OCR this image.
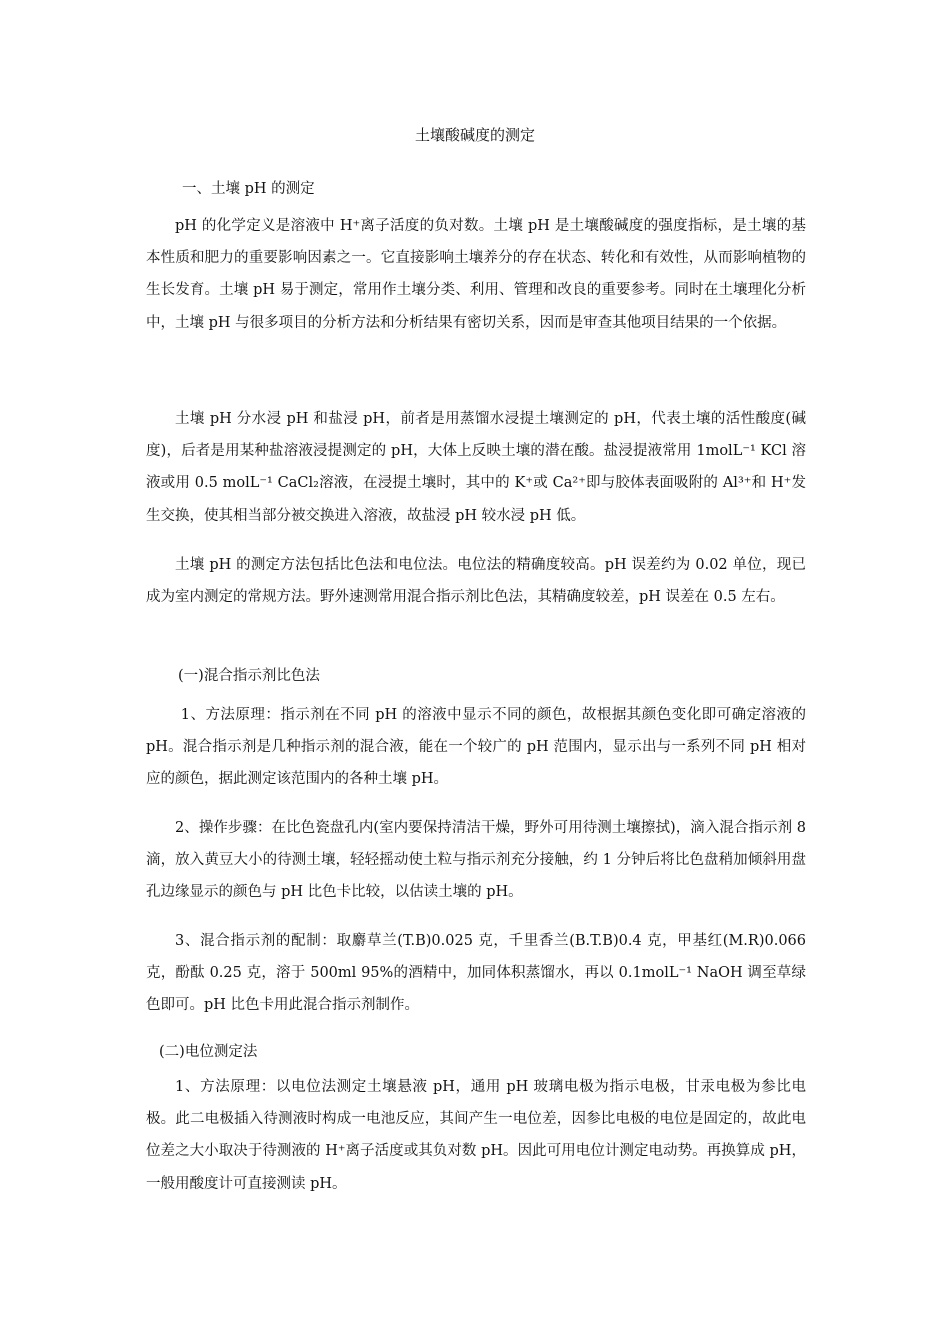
土壤酸碱度的测定
一、土壤 pH 的测定
pH 的化学定义是溶液中 H⁺离子活度的负对数。土壤 pH 是土壤酸碱度的强度指标，是土壤的基本性质和肥力的重要影响因素之一。它直接影响土壤养分的存在状态、转化和有效性，从而影响植物的生长发育。土壤 pH 易于测定，常用作土壤分类、利用、管理和改良的重要参考。同时在土壤理化分析中，土壤 pH 与很多项目的分析方法和分析结果有密切关系，因而是审查其他项目结果的一个依据。
土壤 pH 分水浸 pH 和盐浸 pH，前者是用蒸馏水浸提土壤测定的 pH，代表土壤的活性酸度(碱度)，后者是用某种盐溶液浸提测定的 pH，大体上反映土壤的潜在酸。盐浸提液常用 1molL⁻¹ KCl 溶液或用 0.5 molL⁻¹ CaCl₂溶液，在浸提土壤时，其中的 K⁺或 Ca²⁺即与胶体表面吸附的 Al³⁺和 H⁺发生交换，使其相当部分被交换进入溶液，故盐浸 pH 较水浸 pH 低。
土壤 pH 的测定方法包括比色法和电位法。电位法的精确度较高。pH 误差约为 0.02 单位，现已成为室内测定的常规方法。野外速测常用混合指示剂比色法，其精确度较差，pH 误差在 0.5 左右。
(一)混合指示剂比色法
1、方法原理：指示剂在不同 pH 的溶液中显示不同的颜色，故根据其颜色变化即可确定溶液的 pH。混合指示剂是几种指示剂的混合液，能在一个较广的 pH 范围内，显示出与一系列不同 pH 相对应的颜色，据此测定该范围内的各种土壤 pH。
2、操作步骤：在比色瓷盘孔内(室内要保持清洁干燥，野外可用待测土壤擦拭)，滴入混合指示剂 8 滴，放入黄豆大小的待测土壤，轻轻摇动使土粒与指示剂充分接触，约 1 分钟后将比色盘稍加倾斜用盘孔边缘显示的颜色与 pH 比色卡比较，以估读土壤的 pH。
3、混合指示剂的配制：取麝草兰(T.B)0.025 克，千里香兰(B.T.B)0.4 克，甲基红(M.R)0.066 克，酚酞 0.25 克，溶于 500ml 95%的酒精中，加同体积蒸馏水，再以 0.1molL⁻¹ NaOH 调至草绿色即可。pH 比色卡用此混合指示剂制作。
(二)电位测定法
1、方法原理：以电位法测定土壤悬液 pH，通用 pH 玻璃电极为指示电极，甘汞电极为参比电极。此二电极插入待测液时构成一电池反应，其间产生一电位差，因参比电极的电位是固定的，故此电位差之大小取决于待测液的 H⁺离子活度或其负对数 pH。因此可用电位计测定电动势。再换算成 pH，一般用酸度计可直接测读 pH。
